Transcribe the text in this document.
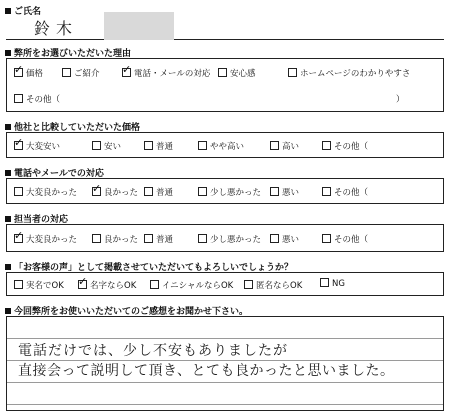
ご氏名
鈴木
弊所をお選びいただいた理由
✓価格	ご紹介 ✓	電話・メールの対応	安心感	ホームページのわかりやすさ
その他（	）
他社と比較していただいた価格
✓大変安い	安い	普通	やや高い	高い	その他（
電話やメールでの対応
大変良かった ✓	良かった	普通	少し悪かった	悪い	その他（
担当者の対応
✓大変良かった	良かった	普通	少し悪かった	悪い	その他（
「お客様の声」として掲載させていただいてもよろしいでしょうか？
実名でOK ✓	名字ならOK	イニシャルならOK	匿名ならOK	NG
今回弊所をお使いいただいてのご感想をお聞かせ下さい。
電話だけでは、少し不安もありましたが
直接会って説明して頂き、とても良かったと思いました。
